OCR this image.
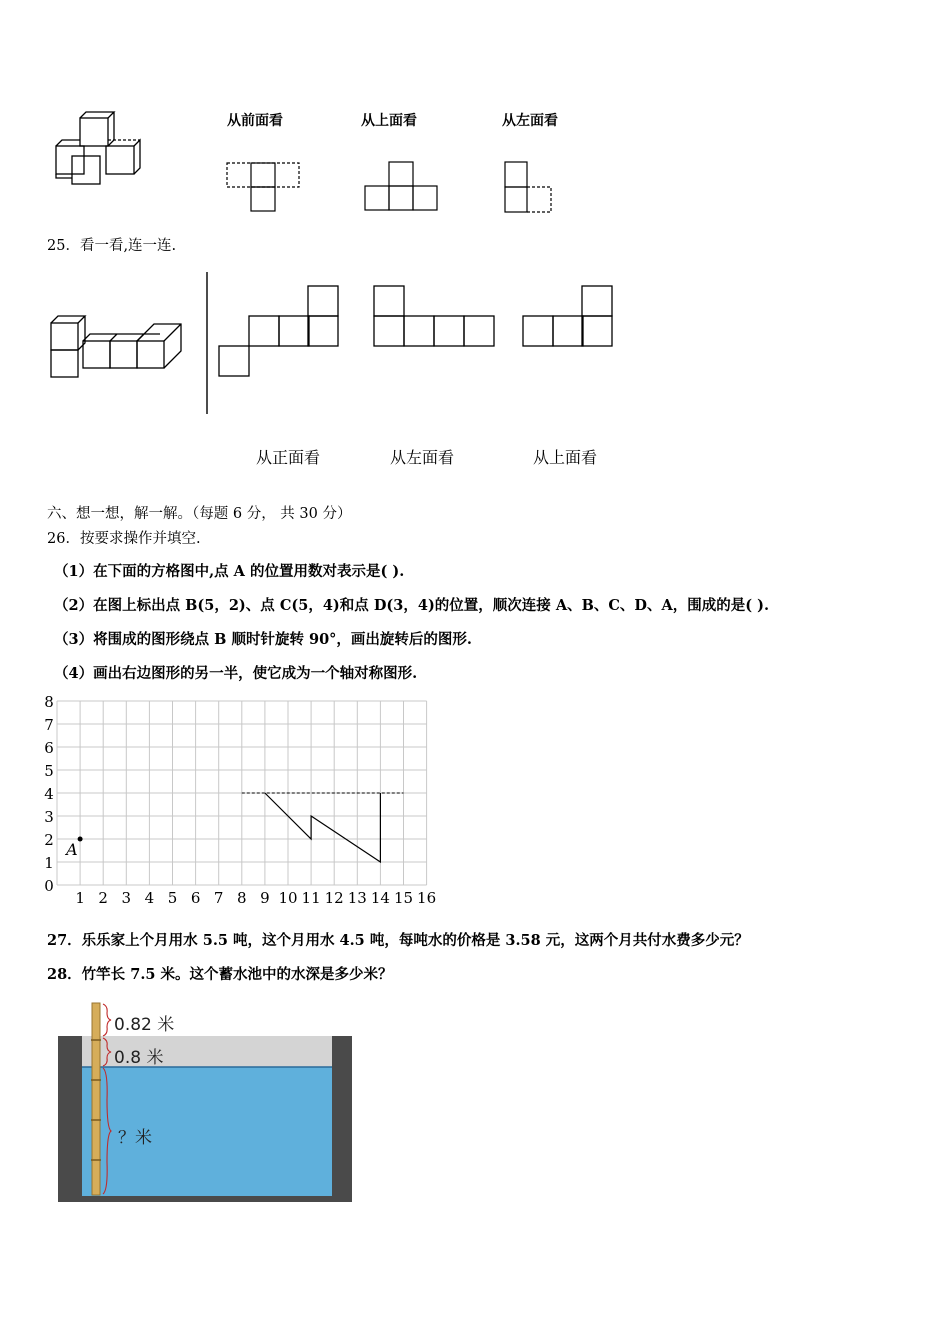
从前面看	从上面看	从左面看
25．看一看,连一连.
从正面看	从左面看	从上面看
六、想一想，解一解。（每题 6 分， 共 30 分）
26．按要求操作并填空.
（1）在下面的方格图中,点 A 的位置用数对表示是( ).
（2）在图上标出点 B(5，2)、点 C(5，4)和点 D(3，4)的位置，顺次连接 A、B、C、D、A，围成的是( ).
（3）将围成的图形绕点 B 顺时针旋转 90°，画出旋转后的图形.
（4）画出右边图形的另一半，使它成为一个轴对称图形.
1 2 3 4 5 6 7 8 9 10 11 12 13 14 15 16
0
1
2
3
4
5
6
7
8
A
27．乐乐家上个月用水 5.5 吨，这个月用水 4.5 吨，每吨水的价格是 3.58 元，这两个月共付水费多少元？
28．竹竿长 7.5 米。这个蓄水池中的水深是多少米？
0.82 米
0.8 米
？米
